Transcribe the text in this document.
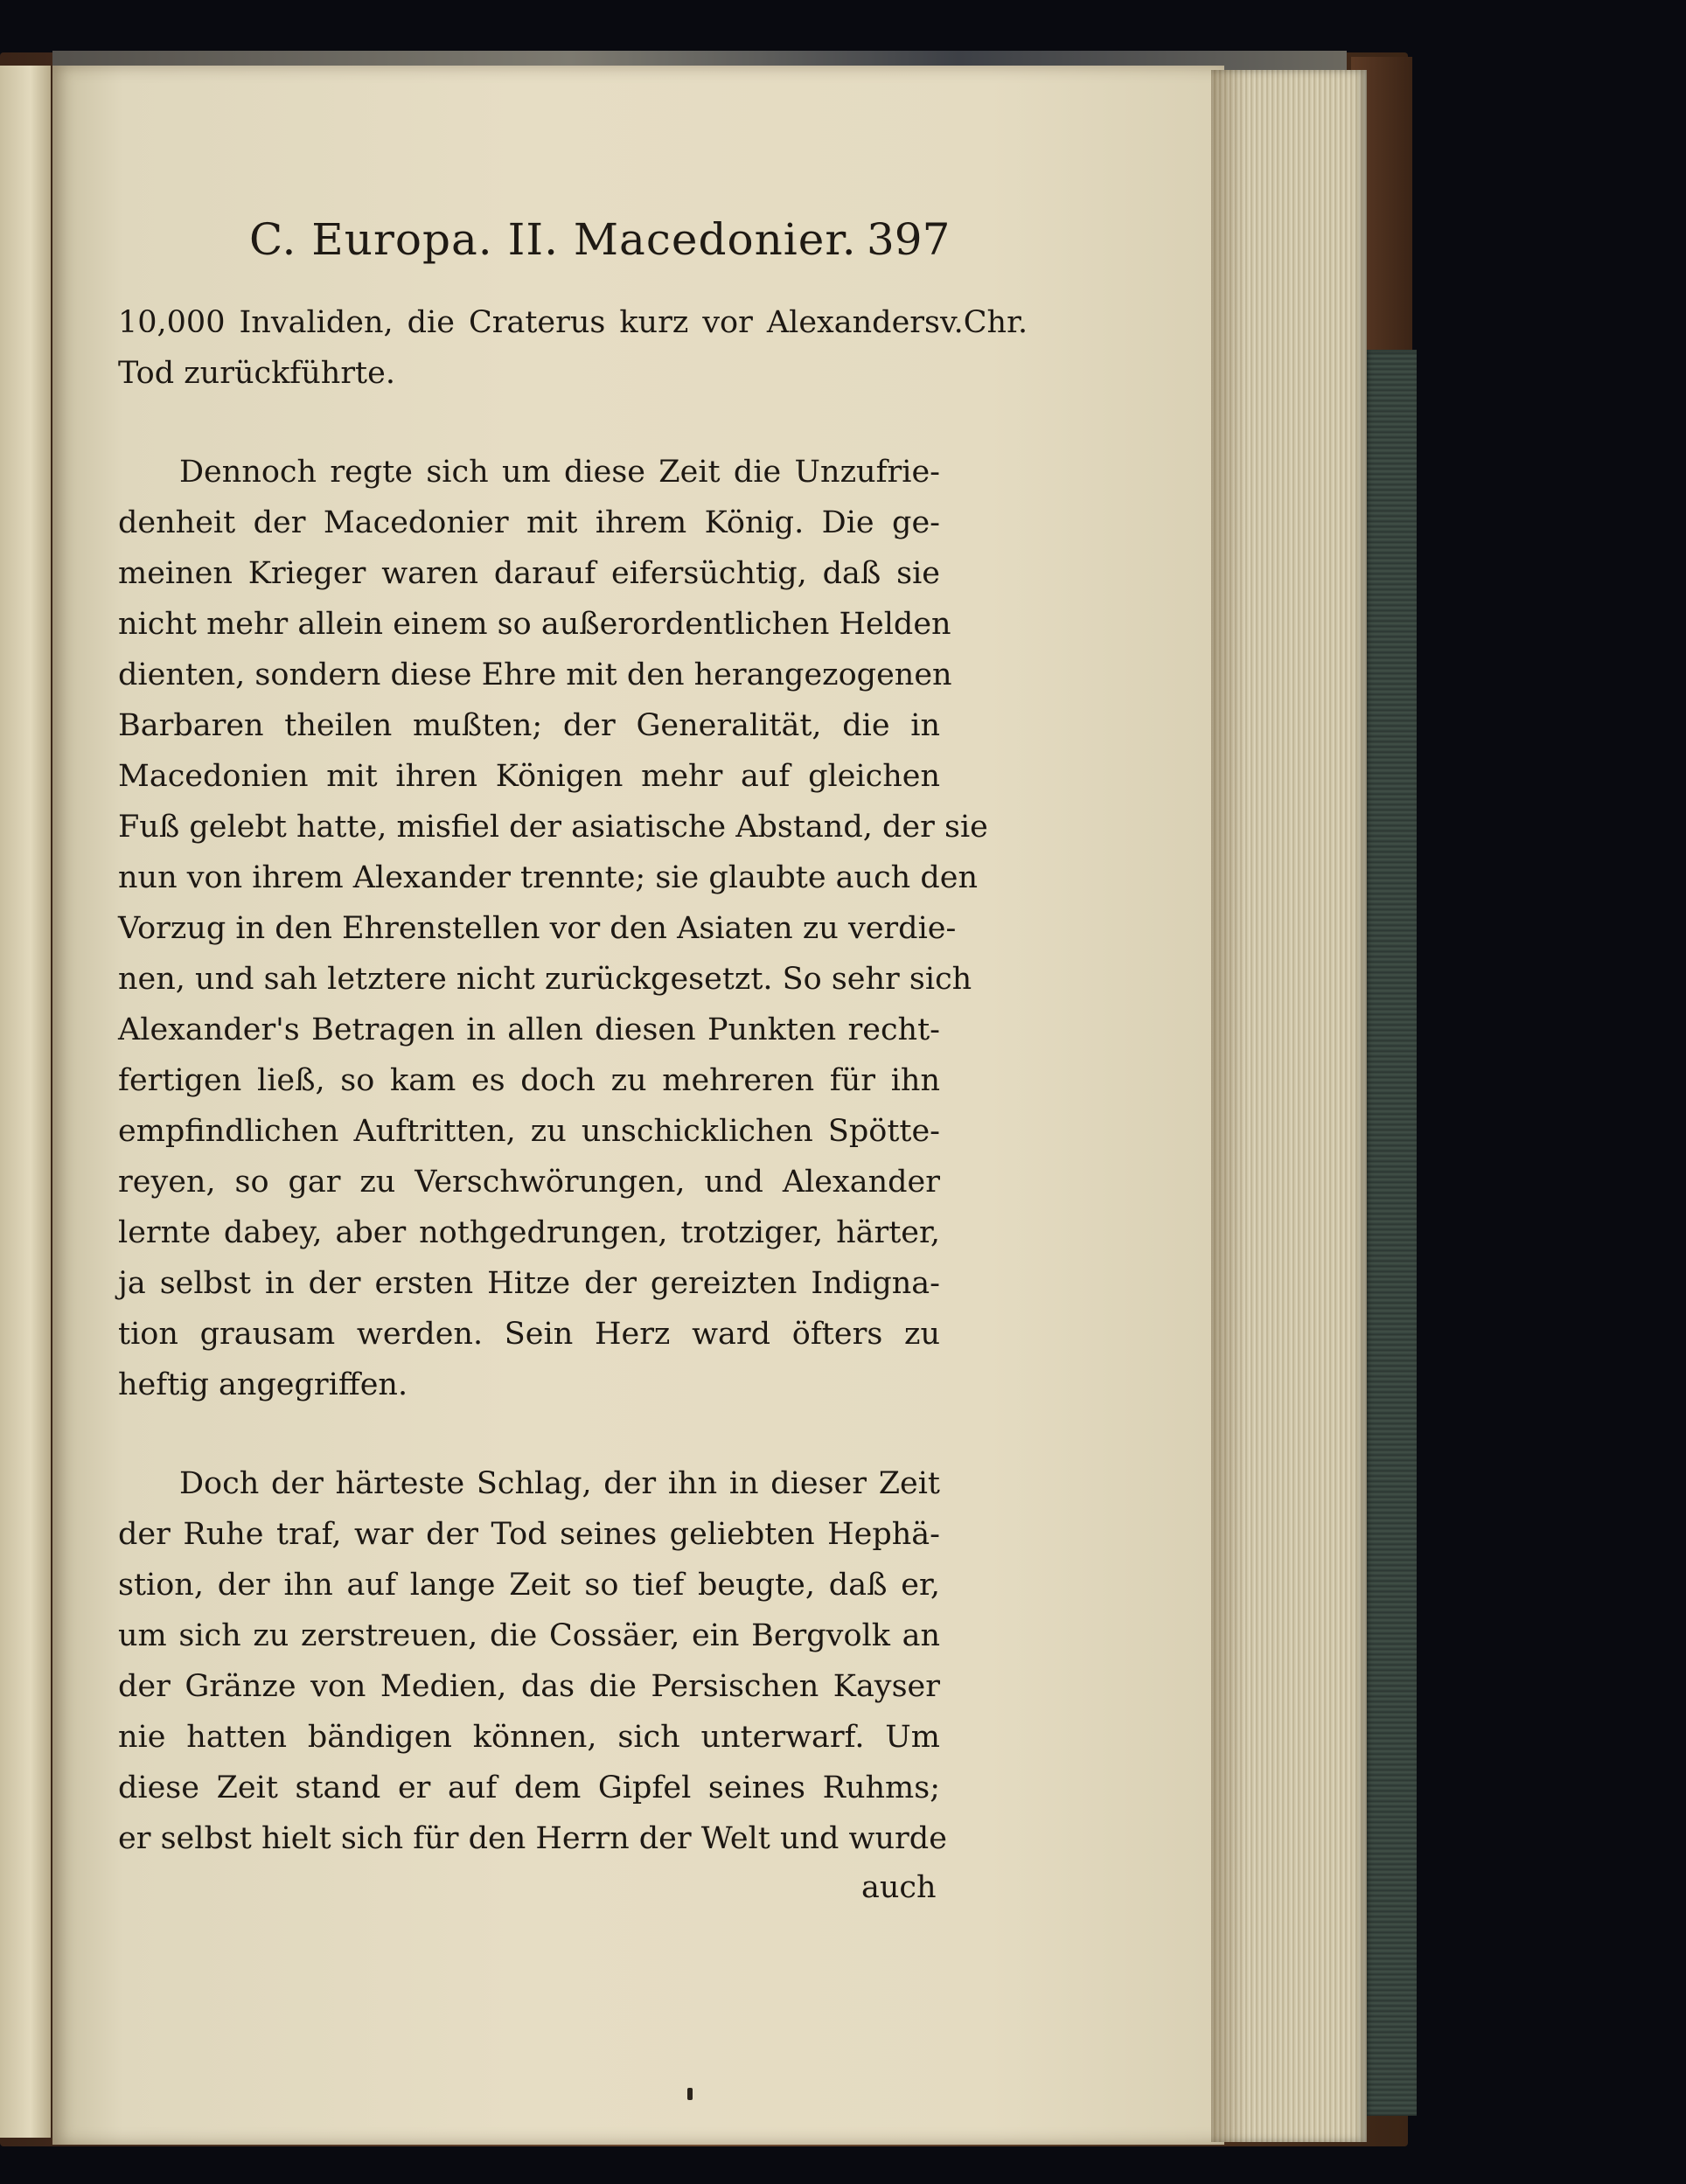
C. Europa. II. Macedonier. 397
v.Chr.
10,000 Invaliden, die Craterus kurz vor Alexanders
Tod zurückführte.
Dennoch regte sich um diese Zeit die Unzufrie-
denheit der Macedonier mit ihrem König. Die ge-
meinen Krieger waren darauf eifersüchtig, daß sie
nicht mehr allein einem so außerordentlichen Helden
dienten, sondern diese Ehre mit den herangezogenen
Barbaren theilen mußten; der Generalität, die in
Macedonien mit ihren Königen mehr auf gleichen
Fuß gelebt hatte, misfiel der asiatische Abstand, der sie
nun von ihrem Alexander trennte; sie glaubte auch den
Vorzug in den Ehrenstellen vor den Asiaten zu verdie-
nen, und sah letztere nicht zurückgesetzt. So sehr sich
Alexander's Betragen in allen diesen Punkten recht-
fertigen ließ, so kam es doch zu mehreren für ihn
empfindlichen Auftritten, zu unschicklichen Spötte-
reyen, so gar zu Verschwörungen, und Alexander
lernte dabey, aber nothgedrungen, trotziger, härter,
ja selbst in der ersten Hitze der gereizten Indigna-
tion grausam werden. Sein Herz ward öfters zu
heftig angegriffen.
Doch der härteste Schlag, der ihn in dieser Zeit
der Ruhe traf, war der Tod seines geliebten Hephä-
stion, der ihn auf lange Zeit so tief beugte, daß er,
um sich zu zerstreuen, die Cossäer, ein Bergvolk an
der Gränze von Medien, das die Persischen Kayser
nie hatten bändigen können, sich unterwarf. Um
diese Zeit stand er auf dem Gipfel seines Ruhms;
er selbst hielt sich für den Herrn der Welt und wurde
auch
